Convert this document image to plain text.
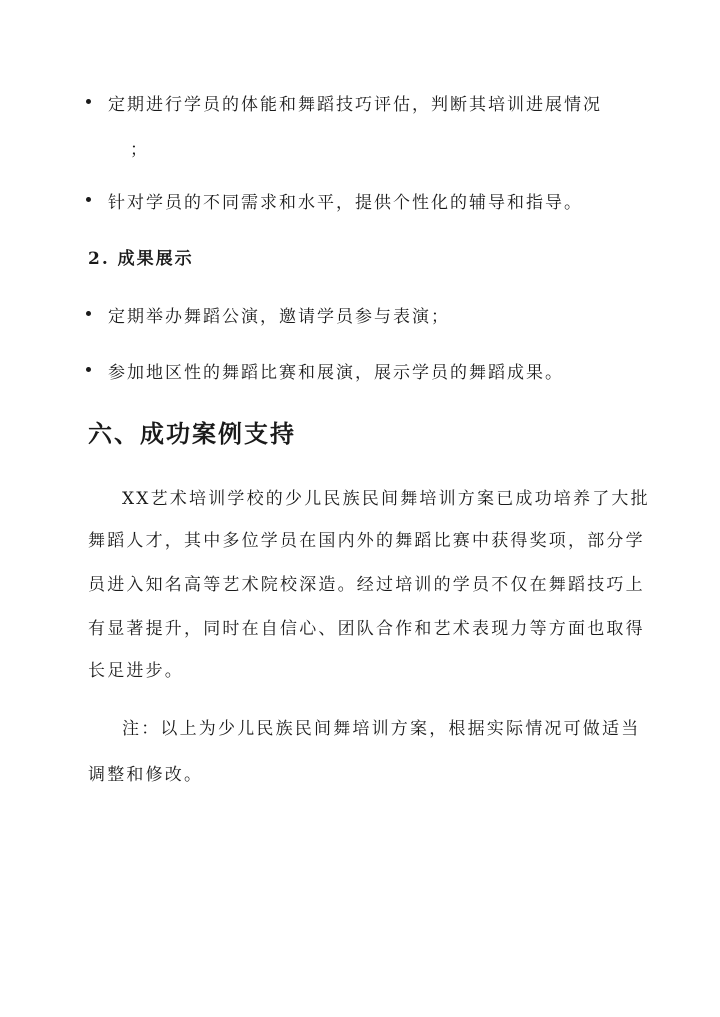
定期进行学员的体能和舞蹈技巧评估，判断其培训进展情况
；
针对学员的不同需求和水平，提供个性化的辅导和指导。
2. 成果展示
定期举办舞蹈公演，邀请学员参与表演；
参加地区性的舞蹈比赛和展演，展示学员的舞蹈成果。
六、成功案例支持
XX艺术培训学校的少儿民族民间舞培训方案已成功培养了大批
舞蹈人才，其中多位学员在国内外的舞蹈比赛中获得奖项，部分学
员进入知名高等艺术院校深造。经过培训的学员不仅在舞蹈技巧上
有显著提升，同时在自信心、团队合作和艺术表现力等方面也取得
长足进步。
注：以上为少儿民族民间舞培训方案，根据实际情况可做适当
调整和修改。
